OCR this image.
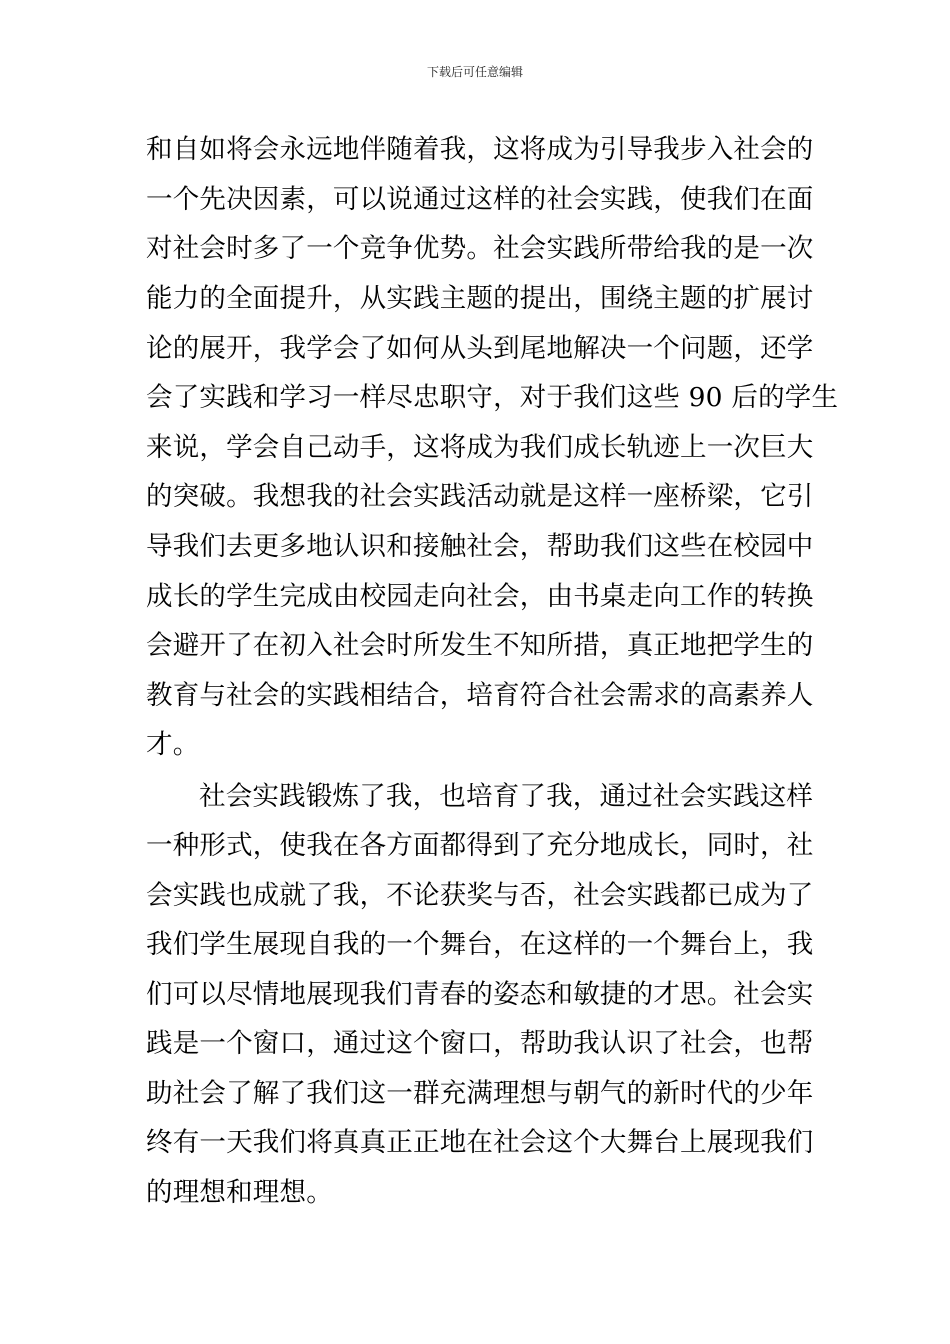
下载后可任意编辑
和自如将会永远地伴随着我，这将成为引导我步入社会的
一个先决因素，可以说通过这样的社会实践，使我们在面
对社会时多了一个竞争优势。社会实践所带给我的是一次
能力的全面提升，从实践主题的提出，围绕主题的扩展讨
论的展开，我学会了如何从头到尾地解决一个问题，还学
会了实践和学习一样尽忠职守，对于我们这些 90 后的学生
来说，学会自己动手，这将成为我们成长轨迹上一次巨大
的突破。我想我的社会实践活动就是这样一座桥梁，它引
导我们去更多地认识和接触社会，帮助我们这些在校园中
成长的学生完成由校园走向社会，由书桌走向工作的转换
会避开了在初入社会时所发生不知所措，真正地把学生的
教育与社会的实践相结合，培育符合社会需求的高素养人
才。
社会实践锻炼了我，也培育了我，通过社会实践这样
一种形式，使我在各方面都得到了充分地成长，同时，社
会实践也成就了我，不论获奖与否，社会实践都已成为了
我们学生展现自我的一个舞台，在这样的一个舞台上，我
们可以尽情地展现我们青春的姿态和敏捷的才思。社会实
践是一个窗口，通过这个窗口，帮助我认识了社会，也帮
助社会了解了我们这一群充满理想与朝气的新时代的少年
终有一天我们将真真正正地在社会这个大舞台上展现我们
的理想和理想。
